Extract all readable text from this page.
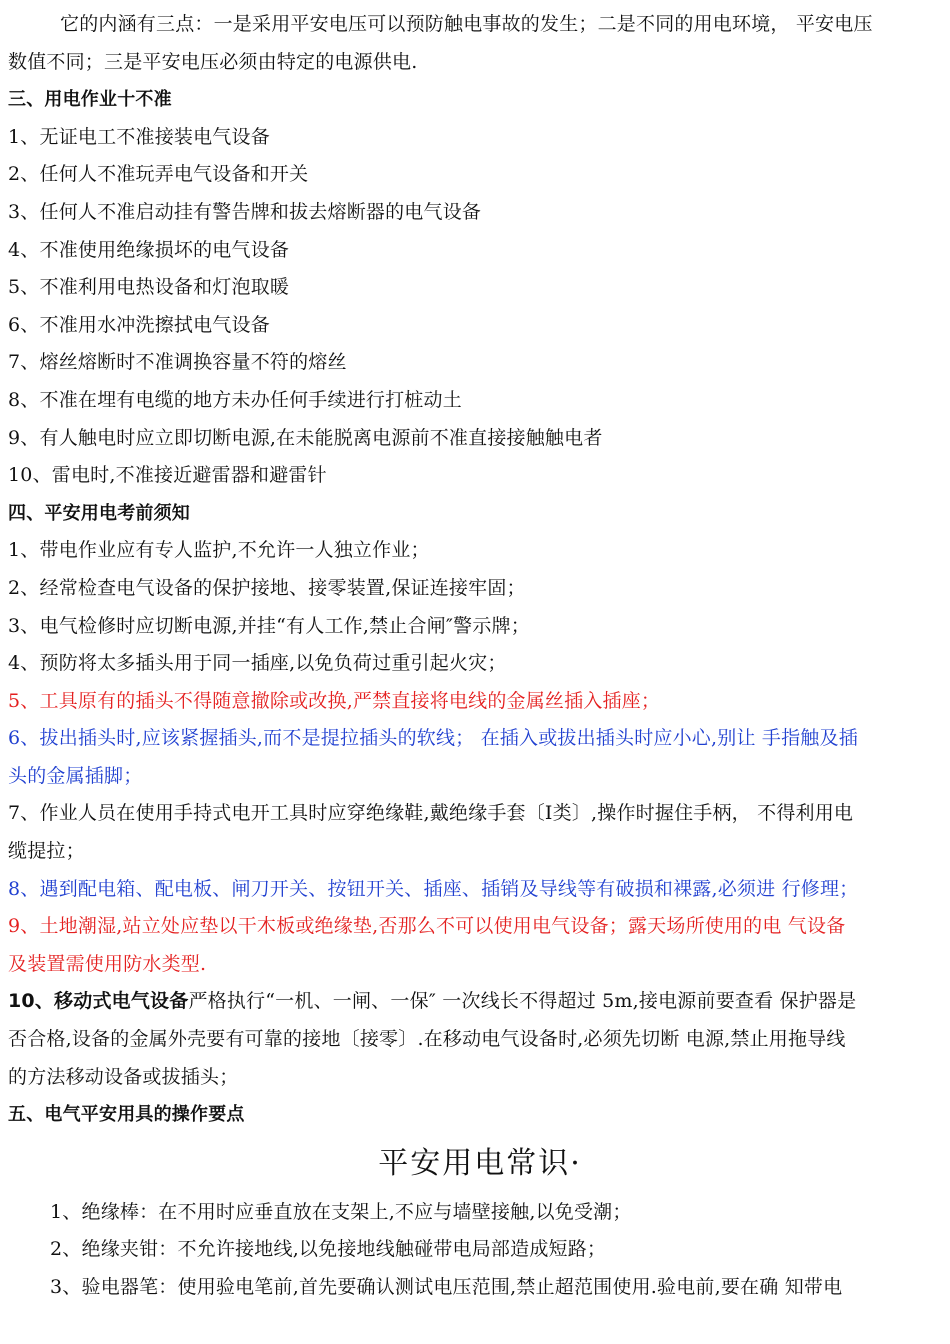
它的内涵有三点：一是采用平安电压可以预防触电事故的发生；二是不同的用电环境， 平安电压
数值不同；三是平安电压必须由特定的电源供电.
三、用电作业十不准
1、无证电工不准接装电气设备
2、任何人不准玩弄电气设备和开关
3、任何人不准启动挂有警告牌和拔去熔断器的电气设备
4、不准使用绝缘损坏的电气设备
5、不准利用电热设备和灯泡取暖
6、不准用水冲洗擦拭电气设备
7、熔丝熔断时不准调换容量不符的熔丝
8、不准在埋有电缆的地方未办任何手续进行打桩动土
9、有人触电时应立即切断电源,在未能脱离电源前不准直接接触触电者
10、雷电时,不准接近避雷器和避雷针
四、平安用电考前须知
1、带电作业应有专人监护,不允许一人独立作业；
2、经常检查电气设备的保护接地、接零装置,保证连接牢固；
3、电气检修时应切断电源,并挂“有人工作,禁止合闸″警示牌；
4、预防将太多插头用于同一插座,以免负荷过重引起火灾；
5、工具原有的插头不得随意撤除或改换,严禁直接将电线的金属丝插入插座；
6、拔出插头时,应该紧握插头,而不是提拉插头的软线； 在插入或拔出插头时应小心,别让 手指触及插
头的金属插脚；
7、作业人员在使用手持式电开工具时应穿绝缘鞋,戴绝缘手套〔Ⅰ类〕,操作时握住手柄， 不得利用电
缆提拉；
8、遇到配电箱、配电板、闸刀开关、按钮开关、插座、插销及导线等有破损和裸露,必须进 行修理；
9、土地潮湿,站立处应垫以干木板或绝缘垫,否那么不可以使用电气设备；露天场所使用的电 气设备
及装置需使用防水类型.
10、移动式电气设备严格执行“一机、一闸、一保″ 一次线长不得超过 5m,接电源前要查看 保护器是
否合格,设备的金属外壳要有可靠的接地〔接零〕.在移动电气设备时,必须先切断 电源,禁止用拖导线
的方法移动设备或拔插头；
五、电气平安用具的操作要点
平安用电常识·
1、绝缘棒：在不用时应垂直放在支架上,不应与墙壁接触,以免受潮；
2、绝缘夹钳：不允许接地线,以免接地线触碰带电局部造成短路；
3、验电器笔：使用验电笔前,首先要确认测试电压范围,禁止超范围使用.验电前,要在确 知带电
